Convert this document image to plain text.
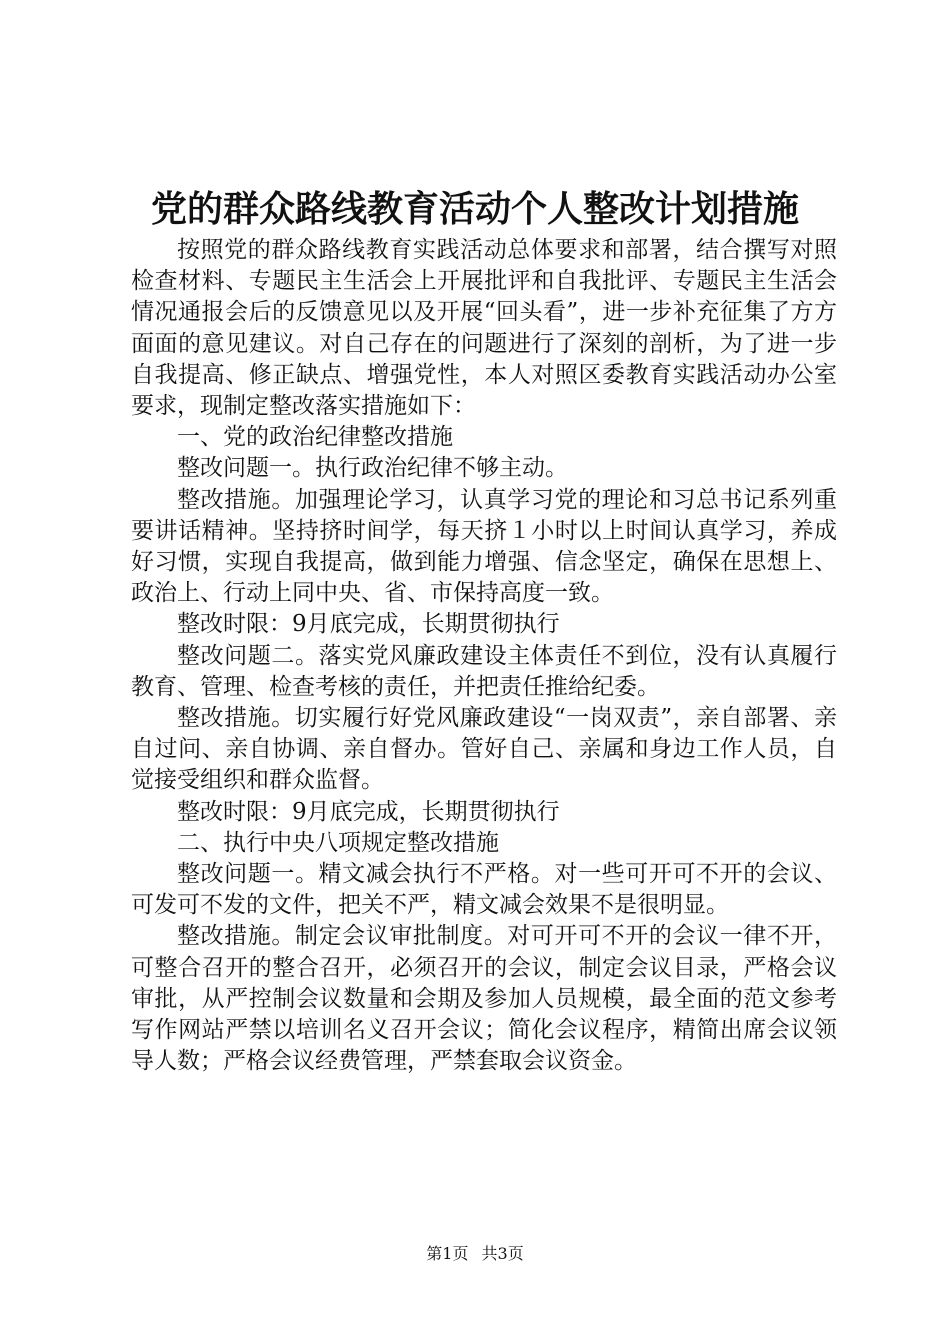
党的群众路线教育活动个人整改计划措施

按照党的群众路线教育实践活动总体要求和部署，结合撰写对照检查材料、专题民主生活会上开展批评和自我批评、专题民主生活会情况通报会后的反馈意见以及开展“回头看”，进一步补充征集了方方面面的意见建议。对自己存在的问题进行了深刻的剖析，为了进一步自我提高、修正缺点、增强党性，本人对照区委教育实践活动办公室要求，现制定整改落实措施如下：

一、党的政治纪律整改措施

整改问题一。执行政治纪律不够主动。

整改措施。加强理论学习，认真学习党的理论和习总书记系列重要讲话精神。坚持挤时间学，每天挤１小时以上时间认真学习，养成好习惯，实现自我提高，做到能力增强、信念坚定，确保在思想上、政治上、行动上同中央、省、市保持高度一致。

整改时限：9月底完成，长期贯彻执行

整改问题二。落实党风廉政建设主体责任不到位，没有认真履行教育、管理、检查考核的责任，并把责任推给纪委。

整改措施。切实履行好党风廉政建设“一岗双责”，亲自部署、亲自过问、亲自协调、亲自督办。管好自己、亲属和身边工作人员，自觉接受组织和群众监督。

整改时限：9月底完成，长期贯彻执行

二、执行中央八项规定整改措施

整改问题一。精文减会执行不严格。对一些可开可不开的会议、可发可不发的文件，把关不严，精文减会效果不是很明显。

整改措施。制定会议审批制度。对可开可不开的会议一律不开，可整合召开的整合召开，必须召开的会议，制定会议目录，严格会议审批，从严控制会议数量和会期及参加人员规模，最全面的范文参考写作网站严禁以培训名义召开会议；简化会议程序，精简出席会议领导人数；严格会议经费管理，严禁套取会议资金。

第1页 共3页
